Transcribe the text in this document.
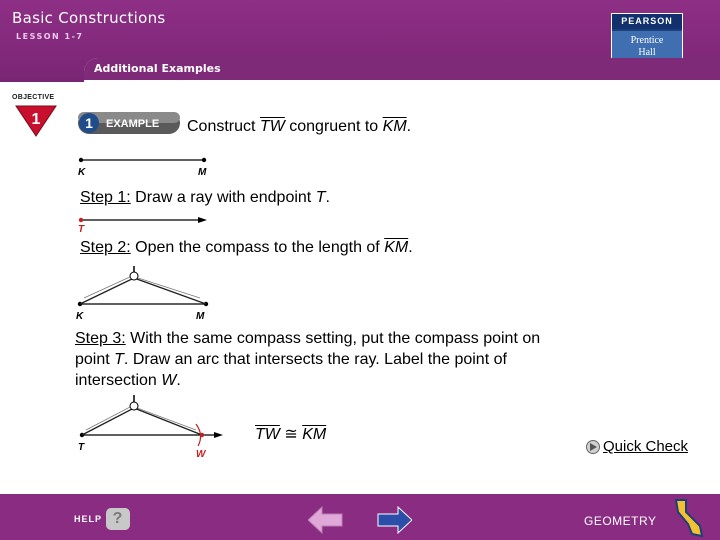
Basic Constructions
LESSON 1-7
PEARSON
Prentice
Hall
Additional Examples
OBJECTIVE
1	1 EXAMPLE Construct $\overline{TW}$ congruent to $\overline{KM}$.
K	M
Step 1: Draw a ray with endpoint T.
T
Step 2: Open the compass to the length of $\overline{KM}$.
K	M
Step 3: With the same compass setting, put the compass point on point T. Draw an arc that intersects the ray. Label the point of intersection W.
T
W
$\overline{TW}$ ≅ $\overline{KM}$
Quick Check
HELP ?	GEOMETRY
